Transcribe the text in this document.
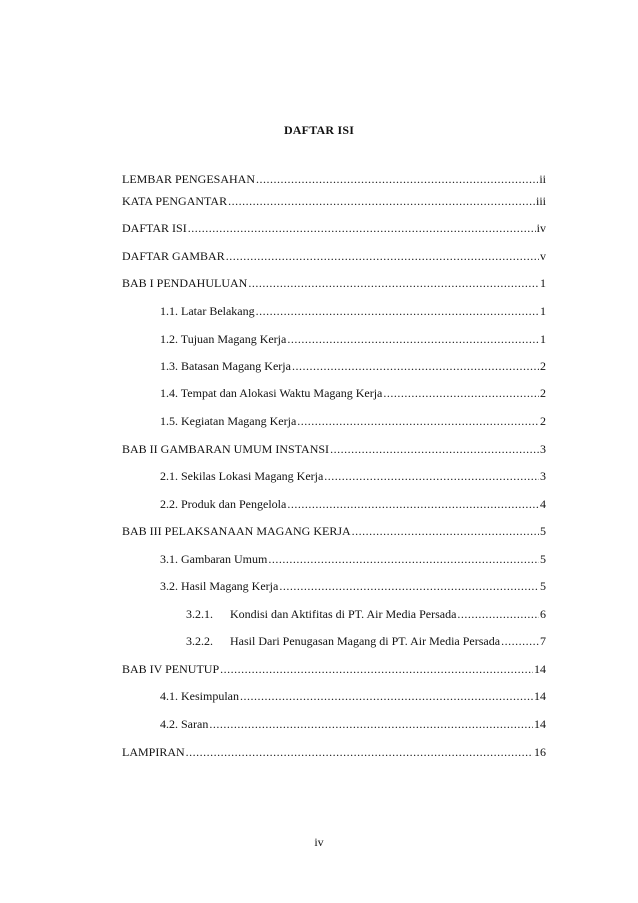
DAFTAR ISI
LEMBAR PENGESAHAN .....	ii
KATA PENGANTAR .....	iii
DAFTAR ISI .....	iv
DAFTAR GAMBAR .....	v
BAB I PENDAHULUAN .....	1
1.1. Latar Belakang .....	1
1.2. Tujuan Magang Kerja .....	1
1.3. Batasan Magang Kerja .....	2
1.4. Tempat dan Alokasi Waktu Magang Kerja .....	2
1.5. Kegiatan Magang Kerja .....	2
BAB II GAMBARAN UMUM INSTANSI .....	3
2.1. Sekilas Lokasi Magang Kerja .....	3
2.2. Produk dan Pengelola .....	4
BAB III PELAKSANAAN MAGANG KERJA .....	5
3.1. Gambaran Umum .....	5
3.2. Hasil Magang Kerja .....	5
3.2.1. Kondisi dan Aktifitas di PT. Air Media Persada .....	6
3.2.2. Hasil Dari Penugasan Magang di PT. Air Media Persada .....	7
BAB IV PENUTUP .....	14
4.1. Kesimpulan .....	14
4.2. Saran .....	14
LAMPIRAN .....	16
iv
